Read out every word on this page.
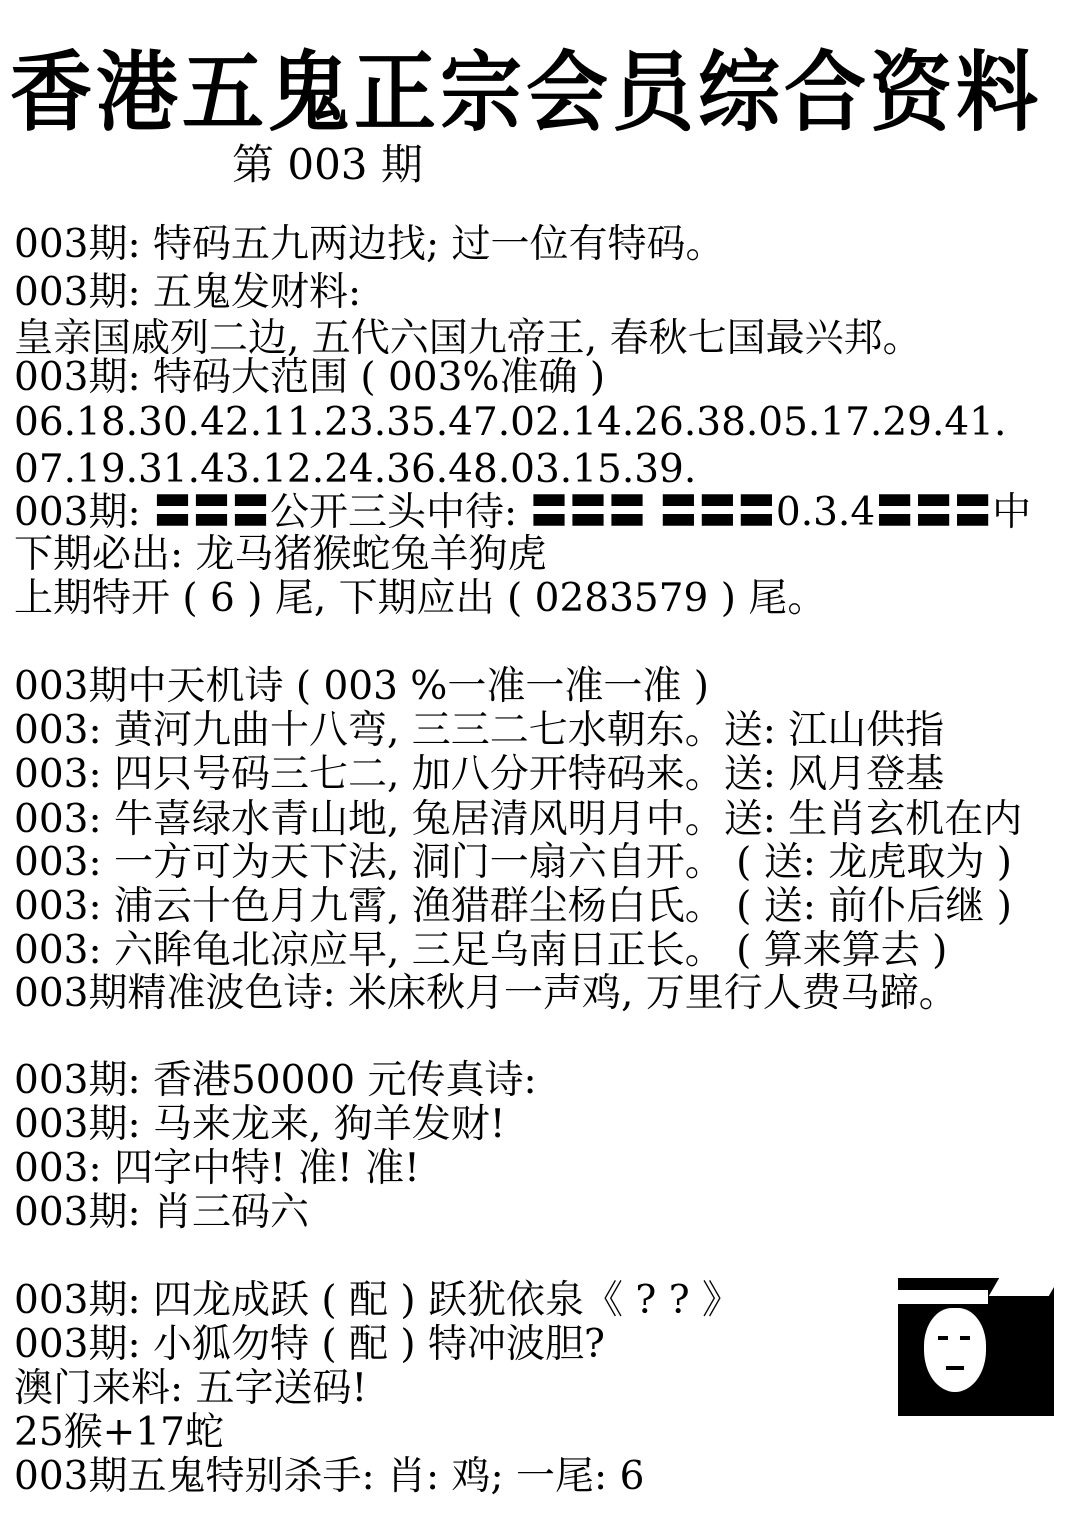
香港五鬼正宗会员综合资料
第 003 期
003期: 特码五九两边找; 过一位有特码。
003期: 五鬼发财料:
皇亲国戚列二边, 五代六国九帝王, 春秋七国最兴邦。
003期: 特码大范围 ( 003%准确 )
06.18.30.42.11.23.35.47.02.14.26.38.05.17.29.41.
07.19.31.43.12.24.36.48.03.15.39.
003期: 〓〓〓公开三头中待: 〓〓〓 〓〓〓0.3.4〓〓〓中
下期必出: 龙马猪猴蛇兔羊狗虎
上期特开 ( 6 ) 尾, 下期应出 ( 0283579 ) 尾。
003期中天机诗 ( 003 %一准一准一准 )
003: 黄河九曲十八弯, 三三二七水朝东。送: 江山供指
003: 四只号码三七二, 加八分开特码来。送: 风月登基
003: 牛喜绿水青山地, 兔居清风明月中。送: 生肖玄机在内
003: 一方可为天下法, 洞门一扇六自开。 ( 送: 龙虎取为 )
003: 浦云十色月九霄, 渔猎群尘杨白氏。 ( 送: 前仆后继 )
003: 六眸龟北凉应早, 三足乌南日正长。 ( 算来算去 )
003期精准波色诗: 米床秋月一声鸡, 万里行人费马蹄。
003期: 香港50000 元传真诗:
003期: 马来龙来, 狗羊发财!
003: 四字中特! 准! 准!
003期: 肖三码六
003期: 四龙成跃 ( 配 ) 跃犹依泉《 ? ? 》
003期: 小狐勿特 ( 配 ) 特冲波胆?
澳门来料: 五字送码!
25猴+17蛇
003期五鬼特别杀手: 肖: 鸡; 一尾: 6
